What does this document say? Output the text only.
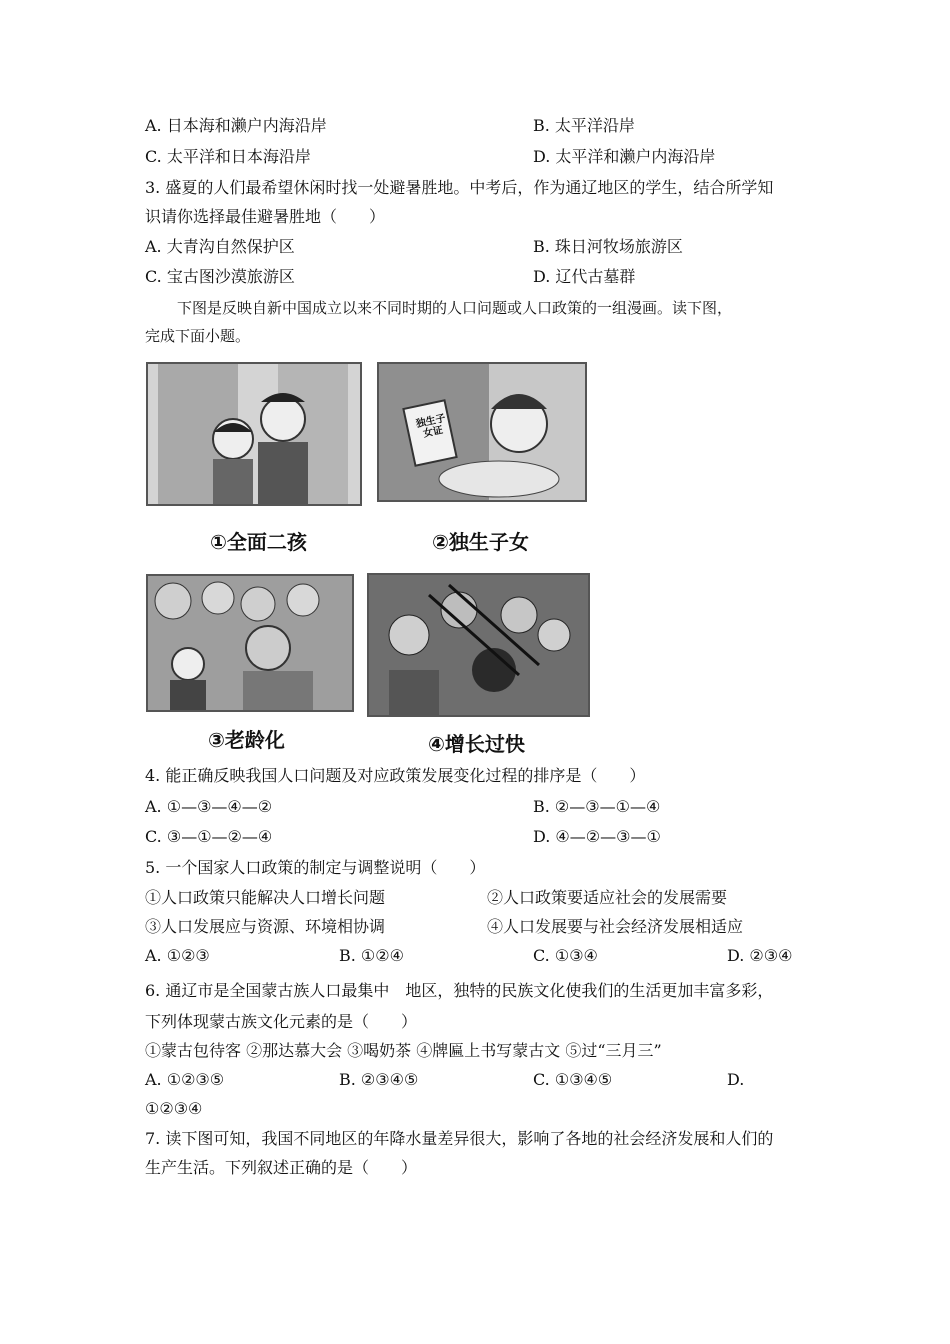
A. 日本海和濑户内海沿岸	B. 太平洋沿岸
C. 太平洋和日本海沿岸	D. 太平洋和濑户内海沿岸
3. 盛夏的人们最希望休闲时找一处避暑胜地。中考后，作为通辽地区的学生，结合所学知
识请你选择最佳避暑胜地（　　）
A. 大青沟自然保护区	B. 珠日河牧场旅游区
C. 宝古图沙漠旅游区	D. 辽代古墓群
下图是反映自新中国成立以来不同时期的人口问题或人口政策的一组漫画。读下图，
完成下面小题。
独生子女证
①全面二孩	②独生子女
③老龄化	④增长过快
4. 能正确反映我国人口问题及对应政策发展变化过程的排序是（　　）
A. ①—③—④—②	B. ②—③—①—④
C. ③—①—②—④	D. ④—②—③—①
5. 一个国家人口政策的制定与调整说明（　　）
①人口政策只能解决人口增长问题	②人口政策要适应社会的发展需要
③人口发展应与资源、环境相协调	④人口发展要与社会经济发展相适应
A. ①②③	B. ①②④	C. ①③④	D. ②③④
6. 通辽市是全国蒙古族人口最集中　地区，独特的民族文化使我们的生活更加丰富多彩，
下列体现蒙古族文化元素的是（　　）
①蒙古包待客 ②那达慕大会 ③喝奶茶 ④牌匾上书写蒙古文 ⑤过“三月三”
A. ①②③⑤	B. ②③④⑤	C. ①③④⑤	D.
①②③④
7. 读下图可知，我国不同地区的年降水量差异很大，影响了各地的社会经济发展和人们的
生产生活。下列叙述正确的是（　　）
